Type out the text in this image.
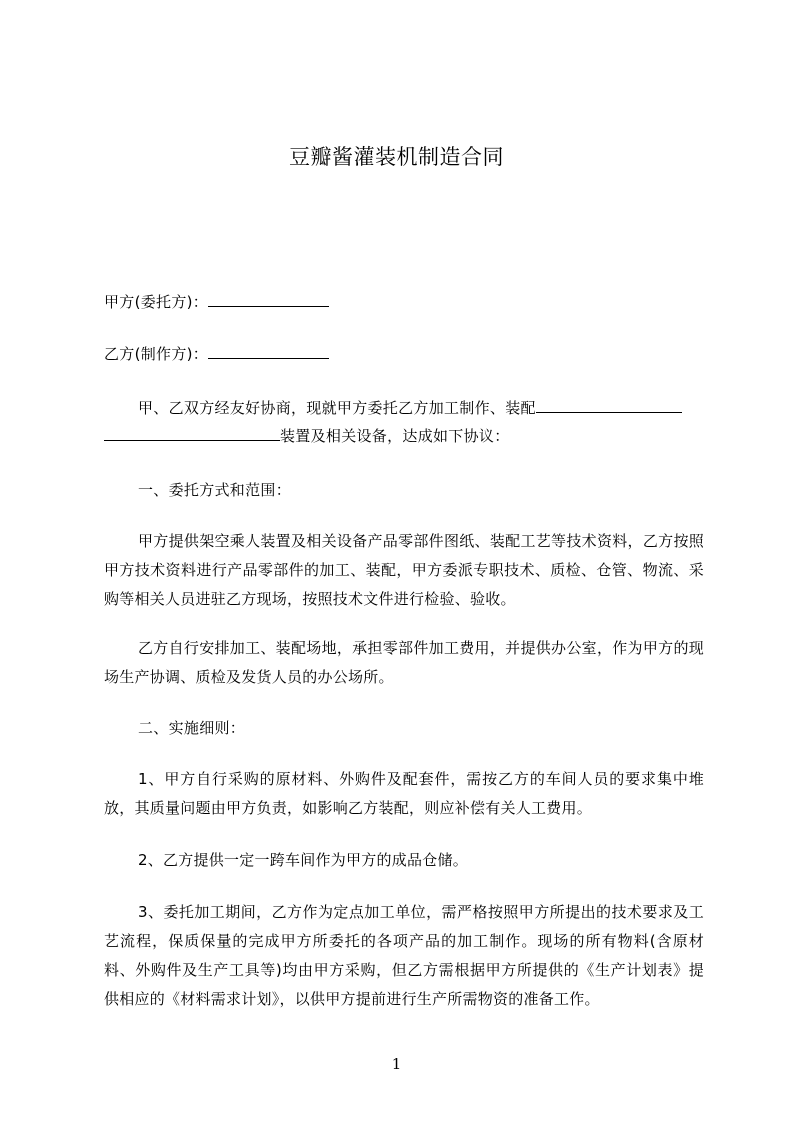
豆瓣酱灌装机制造合同
甲方(委托方)：
乙方(制作方)：
甲、乙双方经友好协商，现就甲方委托乙方加工制作、装配
装置及相关设备，达成如下协议：
一、委托方式和范围：
甲方提供架空乘人装置及相关设备产品零部件图纸、装配工艺等技术资料，乙方按照甲方技术资料进行产品零部件的加工、装配，甲方委派专职技术、质检、仓管、物流、采购等相关人员进驻乙方现场，按照技术文件进行检验、验收。
乙方自行安排加工、装配场地，承担零部件加工费用，并提供办公室，作为甲方的现场生产协调、质检及发货人员的办公场所。
二、实施细则：
1、甲方自行采购的原材料、外购件及配套件，需按乙方的车间人员的要求集中堆放，其质量问题由甲方负责，如影响乙方装配，则应补偿有关人工费用。
2、乙方提供一定一跨车间作为甲方的成品仓储。
3、委托加工期间，乙方作为定点加工单位，需严格按照甲方所提出的技术要求及工艺流程，保质保量的完成甲方所委托的各项产品的加工制作。现场的所有物料(含原材料、外购件及生产工具等)均由甲方采购，但乙方需根据甲方所提供的《生产计划表》提供相应的《材料需求计划》，以供甲方提前进行生产所需物资的准备工作。
1
